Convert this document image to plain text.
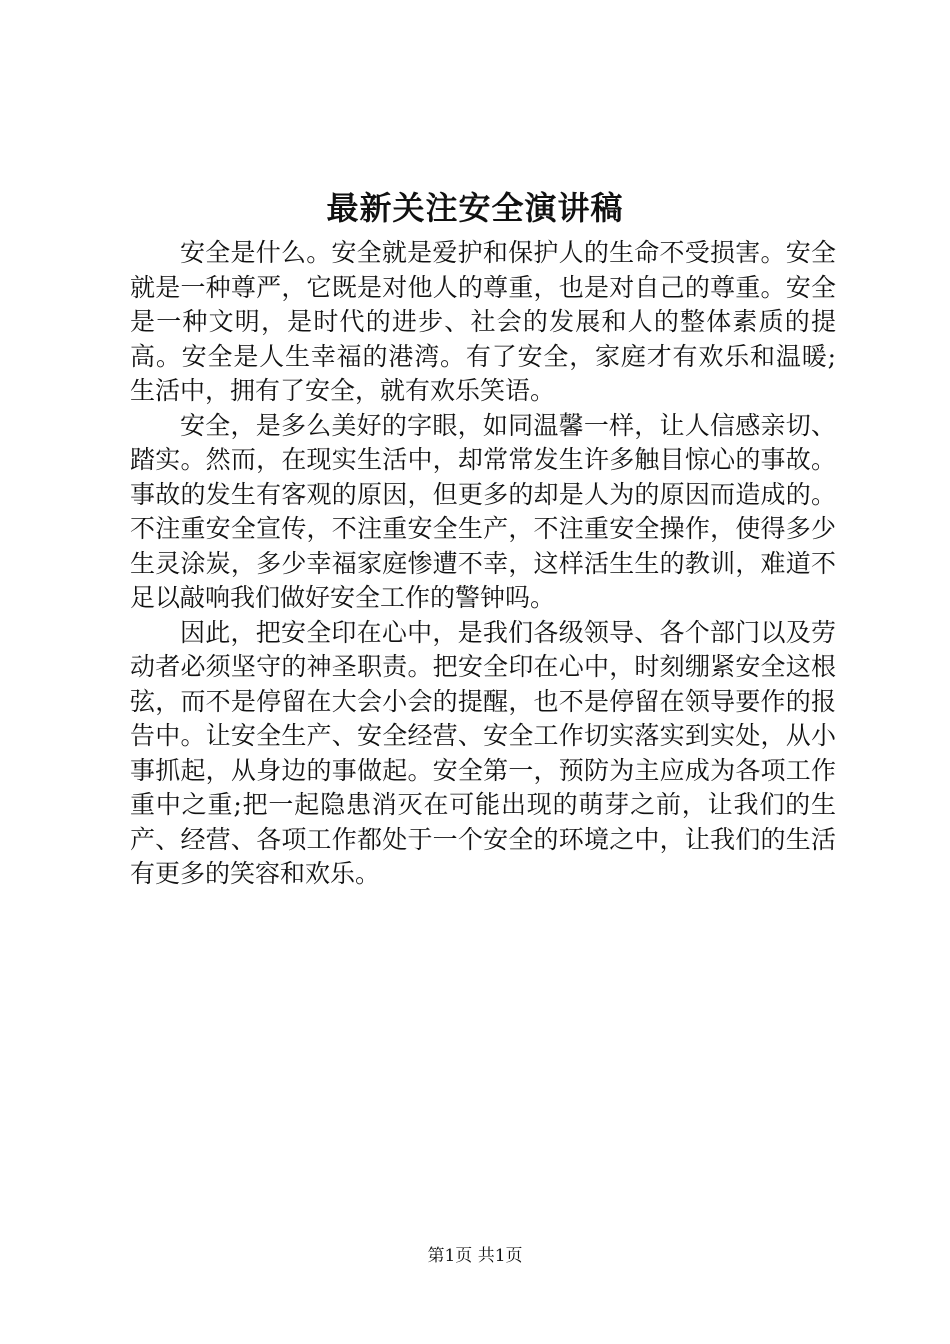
最新关注安全演讲稿

安全是什么。安全就是爱护和保护人的生命不受损害。安全就是一种尊严，它既是对他人的尊重，也是对自己的尊重。安全是一种文明，是时代的进步、社会的发展和人的整体素质的提高。安全是人生幸福的港湾。有了安全，家庭才有欢乐和温暖;生活中，拥有了安全，就有欢乐笑语。

安全，是多么美好的字眼，如同温馨一样，让人信感亲切、踏实。然而，在现实生活中，却常常发生许多触目惊心的事故。事故的发生有客观的原因，但更多的却是人为的原因而造成的。不注重安全宣传，不注重安全生产，不注重安全操作，使得多少生灵涂炭，多少幸福家庭惨遭不幸，这样活生生的教训，难道不足以敲响我们做好安全工作的警钟吗。

因此，把安全印在心中，是我们各级领导、各个部门以及劳动者必须坚守的神圣职责。把安全印在心中，时刻绷紧安全这根弦，而不是停留在大会小会的提醒，也不是停留在领导要作的报告中。让安全生产、安全经营、安全工作切实落实到实处，从小事抓起，从身边的事做起。安全第一，预防为主应成为各项工作重中之重;把一起隐患消灭在可能出现的萌芽之前，让我们的生产、经营、各项工作都处于一个安全的环境之中，让我们的生活有更多的笑容和欢乐。

第1页 共1页
